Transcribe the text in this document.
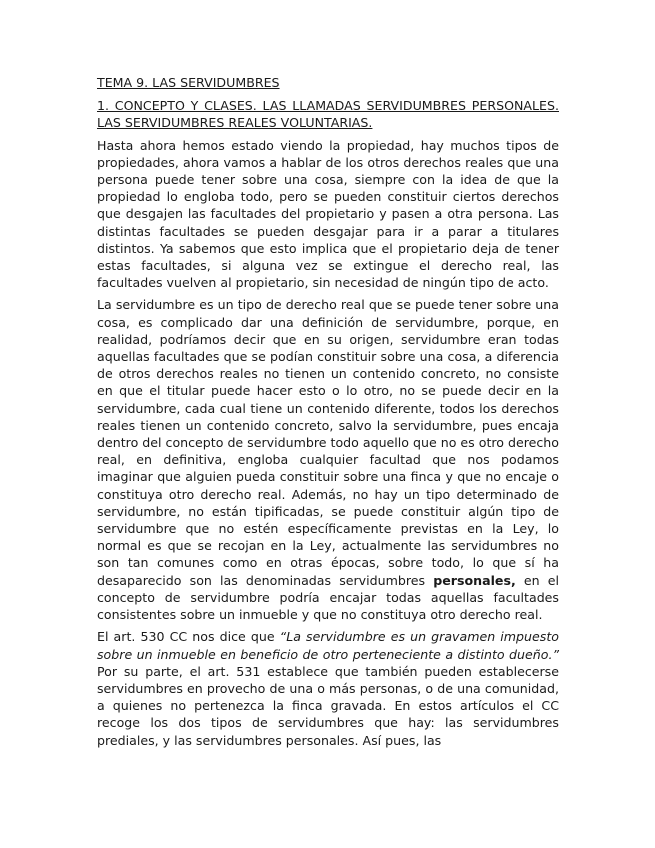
TEMA 9. LAS SERVIDUMBRES
1. CONCEPTO Y CLASES. LAS LLAMADAS SERVIDUMBRES PERSONALES. LAS SERVIDUMBRES REALES VOLUNTARIAS.

Hasta ahora hemos estado viendo la propiedad, hay muchos tipos de propiedades, ahora vamos a hablar de los otros derechos reales que una persona puede tener sobre una cosa, siempre con la idea de que la propiedad lo engloba todo, pero se pueden constituir ciertos derechos que desgajen las facultades del propietario y pasen a otra persona. Las distintas facultades se pueden desgajar para ir a parar a titulares distintos. Ya sabemos que esto implica que el propietario deja de tener estas facultades, si alguna vez se extingue el derecho real, las facultades vuelven al propietario, sin necesidad de ningún tipo de acto.

La servidumbre es un tipo de derecho real que se puede tener sobre una cosa, es complicado dar una definición de servidumbre, porque, en realidad, podríamos decir que en su origen, servidumbre eran todas aquellas facultades que se podían constituir sobre una cosa, a diferencia de otros derechos reales no tienen un contenido concreto, no consiste en que el titular puede hacer esto o lo otro, no se puede decir en la servidumbre, cada cual tiene un contenido diferente, todos los derechos reales tienen un contenido concreto, salvo la servidumbre, pues encaja dentro del concepto de servidumbre todo aquello que no es otro derecho real, en definitiva, engloba cualquier facultad que nos podamos imaginar que alguien pueda constituir sobre una finca y que no encaje o constituya otro derecho real. Además, no hay un tipo determinado de servidumbre, no están tipificadas, se puede constituir algún tipo de servidumbre que no estén específicamente previstas en la Ley, lo normal es que se recojan en la Ley, actualmente las servidumbres no son tan comunes como en otras épocas, sobre todo, lo que sí ha desaparecido son las denominadas servidumbres personales, en el concepto de servidumbre podría encajar todas aquellas facultades consistentes sobre un inmueble y que no constituya otro derecho real.

El art. 530 CC nos dice que “La servidumbre es un gravamen impuesto sobre un inmueble en beneficio de otro perteneciente a distinto dueño.” Por su parte, el art. 531 establece que también pueden establecerse servidumbres en provecho de una o más personas, o de una comunidad, a quienes no pertenezca la finca gravada. En estos artículos el CC recoge los dos tipos de servidumbres que hay: las servidumbres prediales, y las servidumbres personales. Así pues, las
